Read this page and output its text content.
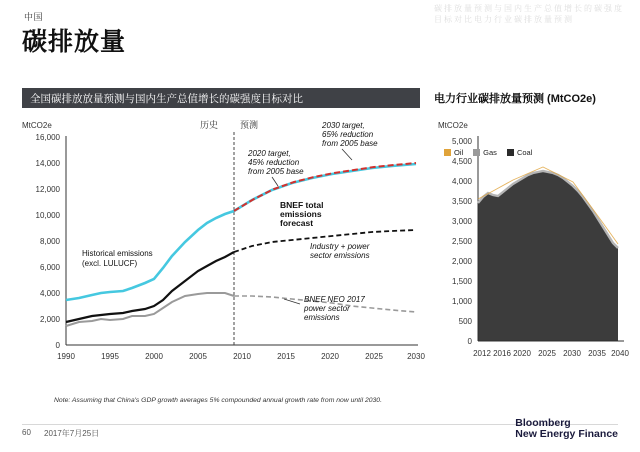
中国
碳排放量
碳 排 放 量 预 测 与 国 内 生 产 总 值 增 长 的 碳 强 度
目 标 对 比 电 力 行 业 碳 排 放 量 预 测
全国碳排放放量预测与国内生产总值增长的碳强度目标对比	电力行业碳排放量预测 (MtCO2e)
MtCO2e
16,000
14,000
12,000
10,000
8,000
6,000
4,000
2,000
0
1990	1995	2000	2005	2010	2015	2020	2025	2030
历史 预测	2030 target,
65% reduction
from 2005 base
2020 target,
45% reduction
from 2005 base
BNEF total
emissions
forecast
Industry + power
sector emissions
BNEF NEO 2017
power sector
emissions
Historical emissions
(excl. LULUCF)
MtCO2e
5,000
4,500
4,000
3,500
3,000
2,500
2,000
1,500
1,000
500
0
2012 2016 2020 2025 2030 2035 2040
Oil	Gas	Coal
Note: Assuming that China's GDP growth averages 5% compounded annual growth rate from now until 2030.
60 2017年7月25日
Bloomberg
New Energy Finance
